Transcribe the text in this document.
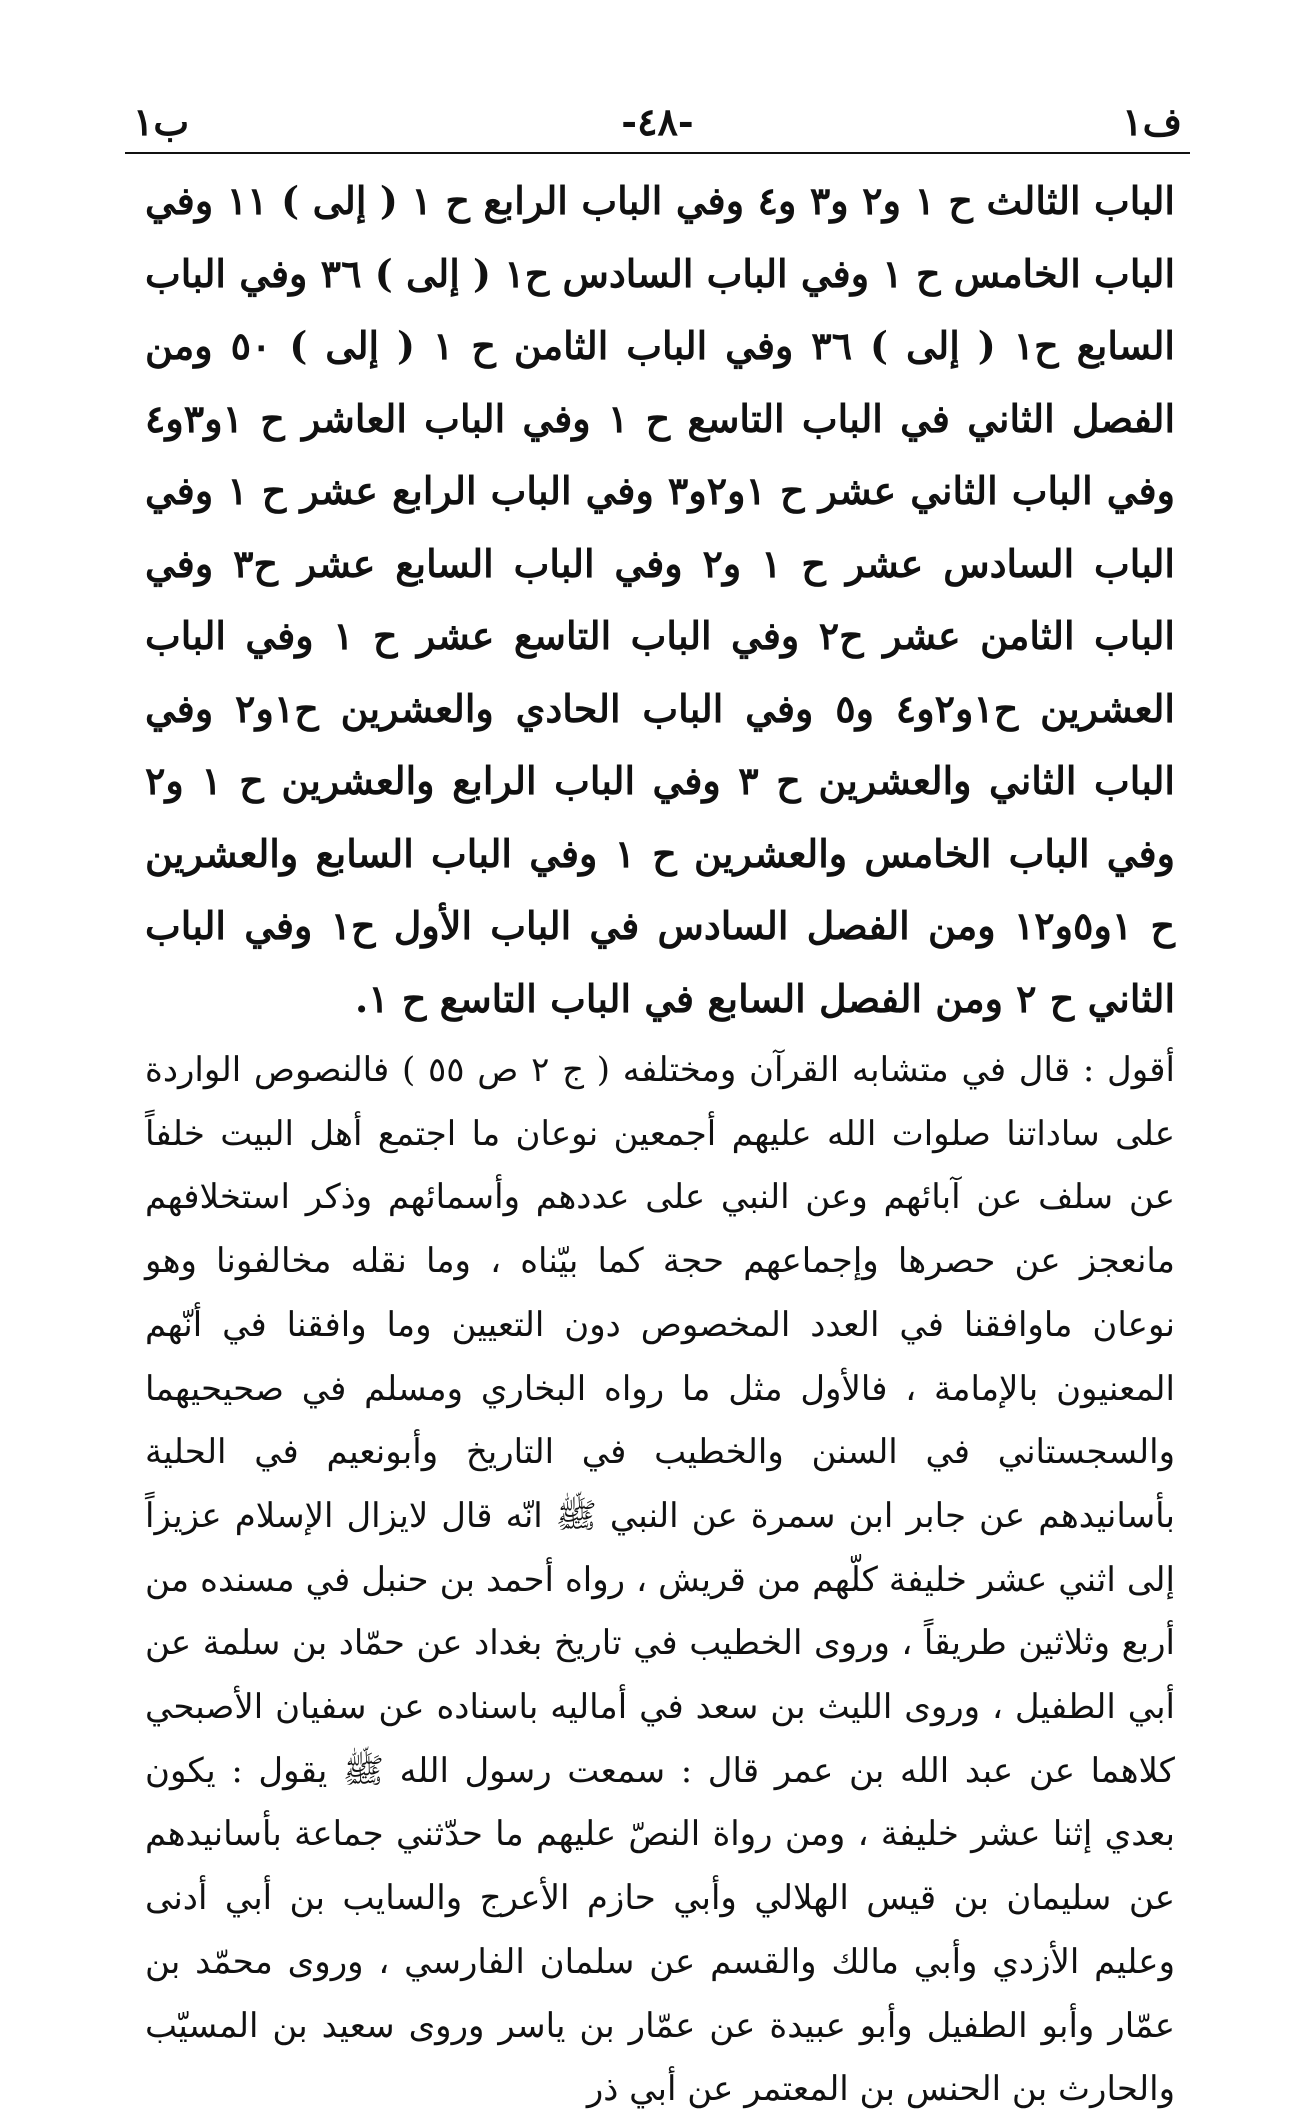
ف١
-٤٨-
ب١

الباب الثالث ح ١ و٢ و٣ و٤ وفي الباب الرابع ح ١ ( إلى ) ١١ وفي الباب الخامس ح ١ وفي الباب السادس ح١ ( إلى ) ٣٦ وفي الباب السابع ح١ ( إلى ) ٣٦ وفي الباب الثامن ح ١ ( إلى ) ٥٠ ومن الفصل الثاني في الباب التاسع ح ١ وفي الباب العاشر ح ١و٣و٤ وفي الباب الثاني عشر ح ١و٢و٣ وفي الباب الرابع عشر ح ١ وفي الباب السادس عشر ح ١ و٢ وفي الباب السابع عشر ح٣ وفي الباب الثامن عشر ح٢ وفي الباب التاسع عشر ح ١ وفي الباب العشرين ح١و٢و٤ و٥ وفي الباب الحادي والعشرين ح١و٢ وفي الباب الثاني والعشرين ح ٣ وفي الباب الرابع والعشرين ح ١ و٢ وفي الباب الخامس والعشرين ح ١ وفي الباب السابع والعشرين ح ١و٥و١٢ ومن الفصل السادس في الباب الأول ح١ وفي الباب الثاني ح ٢ ومن الفصل السابع في الباب التاسع ح ١.

أقول : قال في متشابه القرآن ومختلفه ( ج ٢ ص ٥٥ ) فالنصوص الواردة على ساداتنا صلوات الله عليهم أجمعين نوعان ما اجتمع أهل البيت خلفاً عن سلف عن آبائهم وعن النبي على عددهم وأسمائهم وذكر استخلافهم مانعجز عن حصرها وإجماعهم حجة كما بيّناه ، وما نقله مخالفونا وهو نوعان ماوافقنا في العدد المخصوص دون التعيين وما وافقنا في أنّهم المعنيون بالإمامة ، فالأول مثل ما رواه البخاري ومسلم في صحيحيهما والسجستاني في السنن والخطيب في التاريخ وأبونعيم في الحلية بأسانيدهم عن جابر ابن سمرة عن النبي ﷺ انّه قال لايزال الإسلام عزيزاً إلى اثني عشر خليفة كلّهم من قريش ، رواه أحمد بن حنبل في مسنده من أربع وثلاثين طريقاً ، وروى الخطيب في تاريخ بغداد عن حمّاد بن سلمة عن أبي الطفيل ، وروى الليث بن سعد في أماليه باسناده عن سفيان الأصبحي كلاهما عن عبد الله بن عمر قال : سمعت رسول الله ﷺ يقول : يكون بعدي إثنا عشر خليفة ، ومن رواة النصّ عليهم ما حدّثني جماعة بأسانيدهم عن سليمان بن قيس الهلالي وأبي حازم الأعرج والسايب بن أبي أدنى وعليم الأزدي وأبي مالك والقسم عن سلمان الفارسي ، وروى محمّد بن عمّار وأبو الطفيل وأبو عبيدة عن عمّار بن ياسر وروى سعيد بن المسيّب والحارث بن الحنس بن المعتمر عن أبي ذر
